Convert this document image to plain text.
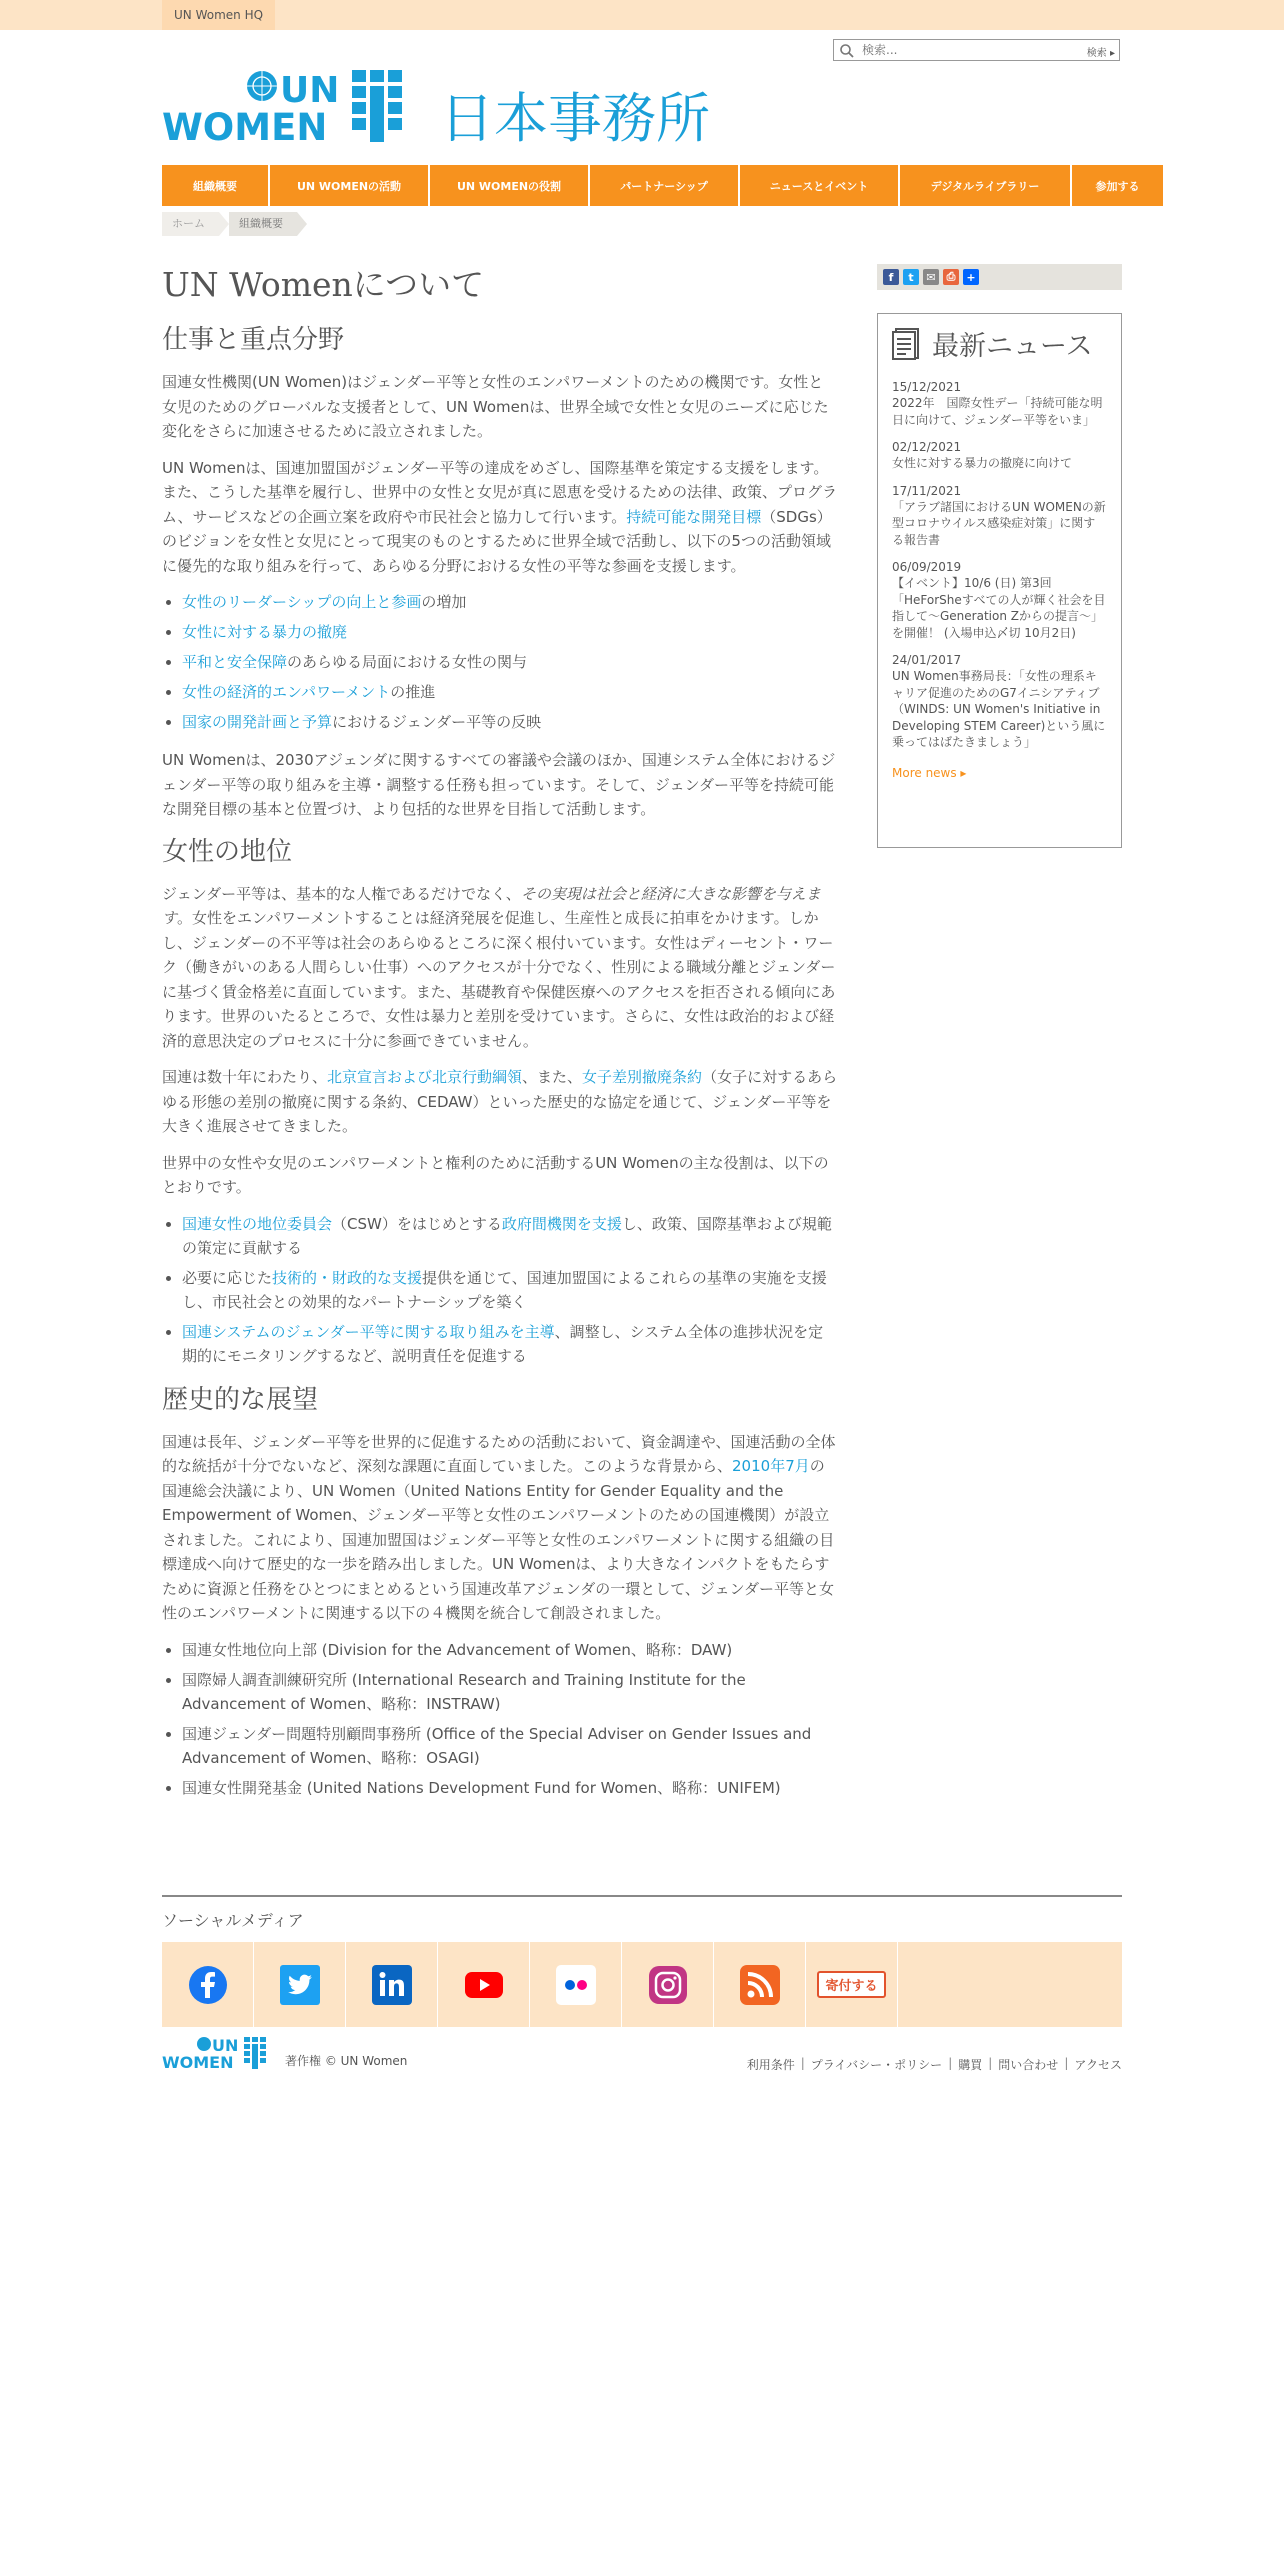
UN Women HQ
検索...
検索 ▸
UN
WOMEN 日本事務所
組織概要	UN WOMENの活動	UN WOMENの役割	パートナーシップ	ニュースとイベント	デジタルライブラリー	参加する
ホーム	組織概要
UN Womenについて
仕事と重点分野

国連女性機関(UN Women)はジェンダー平等と女性のエンパワーメントのための機関です。女性と女児のためのグローバルな支援者として、UN Womenは、世界全域で女性と女児のニーズに応じた変化をさらに加速させるために設立されました。

UN Womenは、国連加盟国がジェンダー平等の達成をめざし、国際基準を策定する支援をします。また、こうした基準を履行し、世界中の女性と女児が真に恩恵を受けるための法律、政策、プログラム、サービスなどの企画立案を政府や市民社会と協力して行います。持続可能な開発目標（SDGs）のビジョンを女性と女児にとって現実のものとするために世界全域で活動し、以下の5つの活動領域に優先的な取り組みを行って、あらゆる分野における女性の平等な参画を支援します。

• 女性のリーダーシップの向上と参画の増加
• 女性に対する暴力の撤廃
• 平和と安全保障のあらゆる局面における女性の関与
• 女性の経済的エンパワーメントの推進
• 国家の開発計画と予算におけるジェンダー平等の反映

UN Womenは、2030アジェンダに関するすべての審議や会議のほか、国連システム全体におけるジェンダー平等の取り組みを主導・調整する任務も担っています。そして、ジェンダー平等を持続可能な開発目標の基本と位置づけ、より包括的な世界を目指して活動します。

女性の地位

ジェンダー平等は、基本的な人権であるだけでなく、その実現は社会と経済に大きな影響を与えます。女性をエンパワーメントすることは経済発展を促進し、生産性と成長に拍車をかけます。しかし、ジェンダーの不平等は社会のあらゆるところに深く根付いています。女性はディーセント・ワーク（働きがいのある人間らしい仕事）へのアクセスが十分でなく、性別による職域分離とジェンダーに基づく賃金格差に直面しています。また、基礎教育や保健医療へのアクセスを拒否される傾向にあります。世界のいたるところで、女性は暴力と差別を受けています。さらに、女性は政治的および経済的意思決定のプロセスに十分に参画できていません。

国連は数十年にわたり、北京宣言および北京行動綱領、また、女子差別撤廃条約（女子に対するあらゆる形態の差別の撤廃に関する条約、CEDAW）といった歴史的な協定を通じて、ジェンダー平等を大きく進展させてきました。

世界中の女性や女児のエンパワーメントと権利のために活動するUN Womenの主な役割は、以下のとおりです。

• 国連女性の地位委員会（CSW）をはじめとする政府間機関を支援し、政策、国際基準および規範の策定に貢献する
• 必要に応じた技術的・財政的な支援提供を通じて、国連加盟国によるこれらの基準の実施を支援し、市民社会との効果的なパートナーシップを築く
• 国連システムのジェンダー平等に関する取り組みを主導、調整し、システム全体の進捗状況を定期的にモニタリングするなど、説明責任を促進する
歴史的な展望

国連は長年、ジェンダー平等を世界的に促進するための活動において、資金調達や、国連活動の全体的な統括が十分でないなど、深刻な課題に直面していました。このような背景から、2010年7月の国連総会決議により、UN Women（United Nations Entity for Gender Equality and the Empowerment of Women、ジェンダー平等と女性のエンパワーメントのための国連機関）が設立されました。これにより、国連加盟国はジェンダー平等と女性のエンパワーメントに関する組織の目標達成へ向けて歴史的な一歩を踏み出しました。UN Womenは、より大きなインパクトをもたらすために資源と任務をひとつにまとめるという国連改革アジェンダの一環として、ジェンダー平等と女性のエンパワーメントに関連する以下の４機関を統合して創設されました。

• 国連女性地位向上部 (Division for the Advancement of Women、略称：DAW)
• 国際婦人調査訓練研究所 (International Research and Training Institute for the Advancement of Women、略称：INSTRAW)
• 国連ジェンダー問題特別顧問事務所 (Office of the Special Adviser on Gender Issues and Advancement of Women、略称：OSAGI)
• 国連女性開発基金 (United Nations Development Fund for Women、略称：UNIFEM)
f	t	✉ ⎙ +
最新ニュース
15/12/2021
2022年　国際女性デー「持続可能な明日に向けて、ジェンダー平等をいま」
02/12/2021
女性に対する暴力の撤廃に向けて
17/11/2021
「アラブ諸国におけるUN WOMENの新型コロナウイルス感染症対策」に関する報告書
06/09/2019
【イベント】10/6 (日) 第3回「HeForSheすべての人が輝く社会を目指して～Generation Zからの提言～」を開催！ (入場申込〆切 10月2日)
24/01/2017
UN Women事務局長：「女性の理系キャリア促進のためのG7イニシアティブ（WINDS: UN Women's Initiative in Developing STEM Career)という風に乗ってはばたきましょう」
More news ▸
ソーシャルメディア
寄付する
UN
WOMEN	著作権 © UN Women	利用条件 | プライバシー・ポリシー | 購買 | 問い合わせ | アクセス
